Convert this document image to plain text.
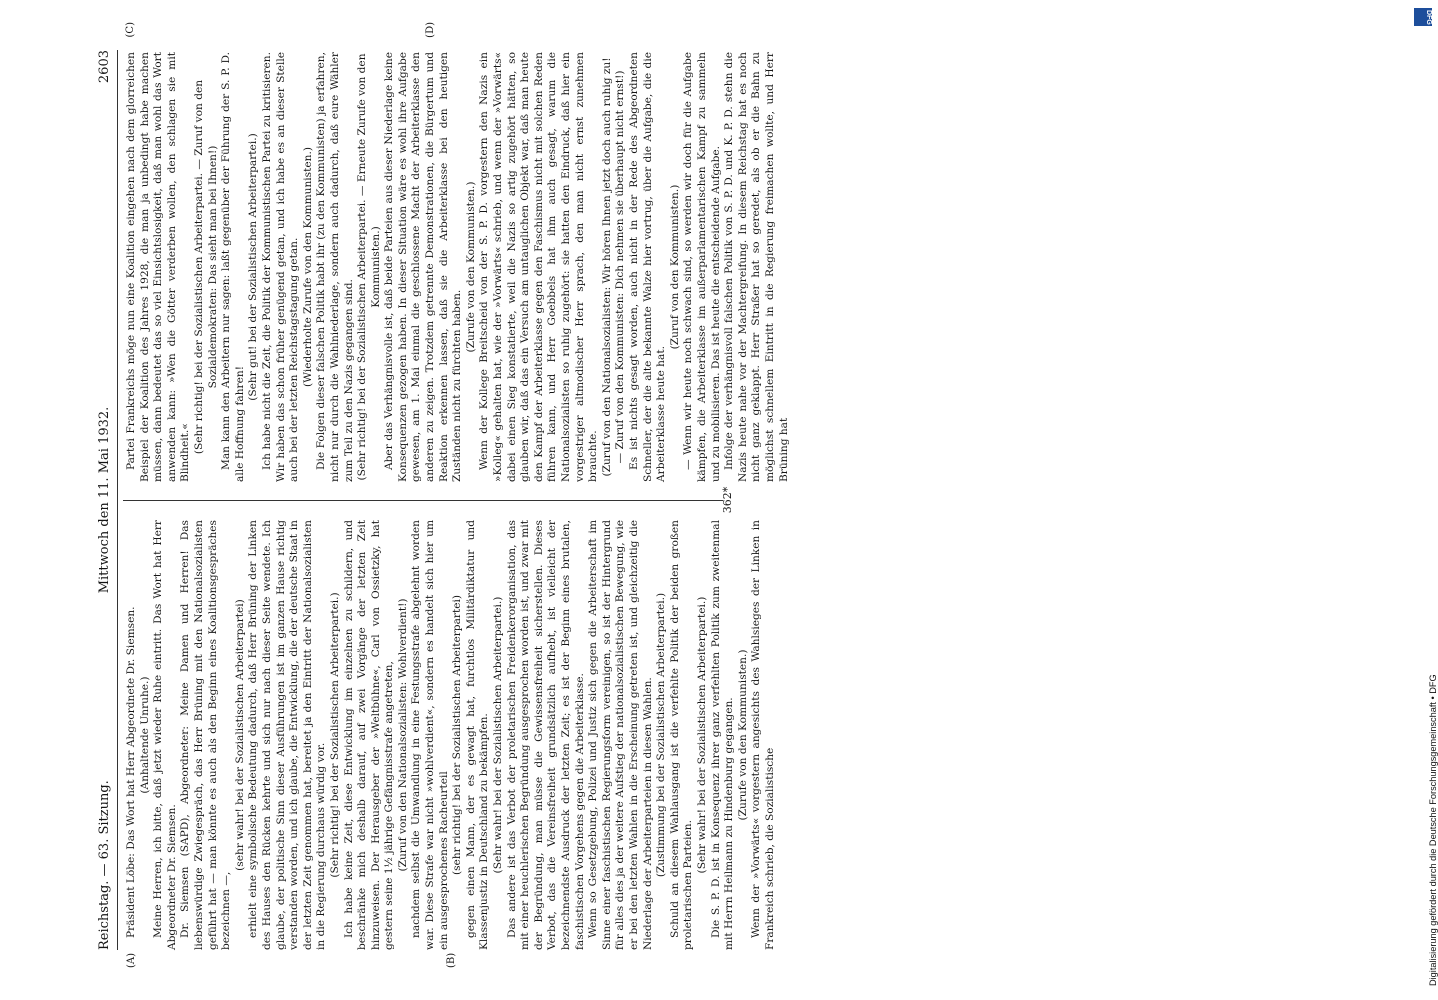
Reichstag. — 63. Sitzung.
Mittwoch den 11. Mai 1932.
2603
(A)	(B)

Präsident Löbe: Das Wort hat Herr Abgeordnete Dr. Siemsen. (Anhaltende Unruhe.) Meine Herren, ich bitte, daß jetzt wieder Ruhe eintritt. Das Wort hat Herr Abgeordneter Dr. Siemsen. Dr. Siemsen (SAPD), Abgeordneter: Meine Damen und Herren! Das liebenswürdige Zwiegespräch, das Herr Brüning mit den Nationalsozialisten geführt hat — man könnte es auch als den Beginn eines Koalitionsgespräches bezeichnen —,

(sehr wahr! bei der Sozialistischen Arbeiterpartei) erhielt eine symbolische Bedeutung dadurch, daß Herr Brüning der Linken des Hauses den Rücken kehrte und sich nur nach dieser Seite wendete. Ich glaube, der politische Sinn dieser Ausführungen ist im ganzen Hause richtig verstanden worden, und ich glaube, die Entwicklung, die der deutsche Staat in der letzten Zeit genommen hat, bereitet ja den Eintritt der Nationalsozialisten in die Regierung durchaus würdig vor. (Sehr richtig! bei der Sozialistischen Arbeiterpartei.) Ich habe keine Zeit, diese Entwicklung im einzelnen zu schildern, und beschränke mich deshalb darauf, auf zwei Vorgänge der letzten Zeit hinzuweisen. Der Herausgeber der »Weltbühne«, Carl von Ossietzky, hat gestern seine 1½ jährige Gefängnisstrafe angetreten, (Zuruf von den Nationalsozialisten: Wohlverdient!) nachdem selbst die Umwandlung in eine Festungsstrafe abgelehnt worden war. Diese Strafe war nicht »wohlverdient«, sondern es handelt sich hier um ein ausgesprochenes Racheurteil (sehr richtig! bei der Sozialistischen Arbeiterpartei) gegen einen Mann, der es gewagt hat, furchtlos Militärdiktatur und Klassenjustiz in Deutschland zu bekämpfen. (Sehr wahr! bei der Sozialistischen Arbeiterpartei.) Das andere ist das Verbot der proletarischen Freidenkerorganisation, das mit einer heuchlerischen Begründung ausgesprochen worden ist, und zwar mit der Begründung, man müsse die Gewissensfreiheit sicherstellen. Dieses Verbot, das die Vereinsfreiheit grundsätzlich aufhebt, ist vielleicht der bezeichnendste Ausdruck der letzten Zeit; es ist der Beginn eines brutalen, faschistischen Vorgehens gegen die Arbeiterklasse. Wenn so Gesetzgebung, Polizei und Justiz sich gegen die Arbeiterschaft im Sinne einer faschistischen Regierungsform vereinigen, so ist der Hintergrund für alles dies ja der weitere Aufstieg der nationalsozialistischen Bewegung, wie er bei den letzten Wahlen in die Erscheinung getreten ist, und gleichzeitig die Niederlage der Arbeiterparteien in diesen Wahlen. (Zustimmung bei der Sozialistischen Arbeiterpartei.) Schuld an diesem Wahlausgang ist die verfehlte Politik der beiden großen proletarischen Parteien.

(Sehr wahr! bei der Sozialistischen Arbeiterpartei.) Die S. P. D. ist in Konsequenz ihrer ganz verfehlten Politik zum zweitenmal mit Herrn Heilmann zu Hindenburg gegangen. (Zurufe von den Kommunisten.) Wenn der »Vorwärts« vorgestern angesichts des Wahlsieges der Linken in Frankreich schrieb, die Sozialistische

Partei Frankreichs möge nun eine Koalition eingehen nach dem glorreichen Beispiel der Koalition des Jahres 1928, die man ja unbedingt habe machen müssen, dann bedeutet das so viel Einsichtslosigkeit, daß man wohl das Wort anwenden kann: »Wen die Götter verderben wollen, den schlagen sie mit Blindheit.« (Sehr richtig! bei der Sozialistischen Arbeiterpartei. — Zuruf von den Sozialdemokraten: Das sieht man bei Ihnen!) Man kann den Arbeitern nur sagen: laßt gegenüber der Führung der S. P. D. alle Hoffnung fahren!

(Sehr gut! bei der Sozialistischen Arbeiterpartei.) Ich habe nicht die Zeit, die Politik der Kommunistischen Partei zu kritisieren. Wir haben das schon früher genügend getan, und ich habe es an dieser Stelle auch bei der letzten Reichstagstagung getan. (Wiederholte Zurufe von den Kommunisten.) Die Folgen dieser falschen Politik habt ihr (zu den Kommunisten) ja erfahren, nicht nur durch die Wahlniederlage, sondern auch dadurch, daß eure Wähler zum Teil zu den Nazis gegangen sind. (Sehr richtig! bei der Sozialistischen Arbeiterpartei. — Erneute Zurufe von den Kommunisten.) Aber das Verhängnisvolle ist, daß beide Parteien aus dieser Niederlage keine Konsequenzen gezogen haben. In dieser Situation wäre es wohl ihre Aufgabe gewesen, am 1. Mai einmal die geschlossene Macht der Arbeiterklasse den anderen zu zeigen. Trotzdem getrennte Demonstrationen, die Bürgertum und Reaktion erkennen lassen, daß sie die Arbeiterklasse bei den heutigen Zuständen nicht zu fürchten haben.

(Zurufe von den Kommunisten.) Wenn der Kollege Breitscheid von der S. P. D. vorgestern den Nazis ein »Kolleg« gehalten hat, wie der »Vorwärts« schrieb, und wenn der »Vorwärts« dabei einen Sieg konstatierte, weil die Nazis so artig zugehört hätten, so glauben wir, daß das ein Versuch am untauglichen Objekt war, daß man heute den Kampf der Arbeiterklasse gegen den Faschismus nicht mit solchen Reden führen kann, und Herr Goebbels hat ihm auch gesagt, warum die Nationalsozialisten so ruhig zugehört: sie hatten den Eindruck, daß hier ein vorgestriger altmodischer Herr sprach, den man nicht ernst zunehmen brauchte. (Zuruf von den Nationalsozialisten: Wir hören Ihnen jetzt doch auch ruhig zu! — Zuruf von den Kommunisten: Dich nehmen sie überhaupt nicht ernst!) Es ist nichts gesagt worden, auch nicht in der Rede des Abgeordneten Schneller, der die alte bekannte Walze hier vortrug, über die Aufgabe, die die Arbeiterklasse heute hat.

(Zuruf von den Kommunisten.) — Wenn wir heute noch schwach sind, so werden wir doch für die Aufgabe kämpfen, die Arbeiterklasse im außerparlamentarischen Kampf zu sammeln und zu mobilisieren. Das ist heute die entscheidende Aufgabe. Infolge der verhängnisvoll falschen Politik von S. P. D. und K. P. D. stehn die Nazis heute nahe vor der Machtergreifung. In diesem Reichstag hat es noch nicht ganz geklappt. Herr Straßer hat so geredet, als ob er die Bahn zu möglichst schnellem Eintritt in die Regierung freimachen wollte, und Herr Brüning hat

(C)	(D)
362*
DFG
Digitalisierung gefördert durch die Deutsche Forschungsgemeinschaft • DFG
